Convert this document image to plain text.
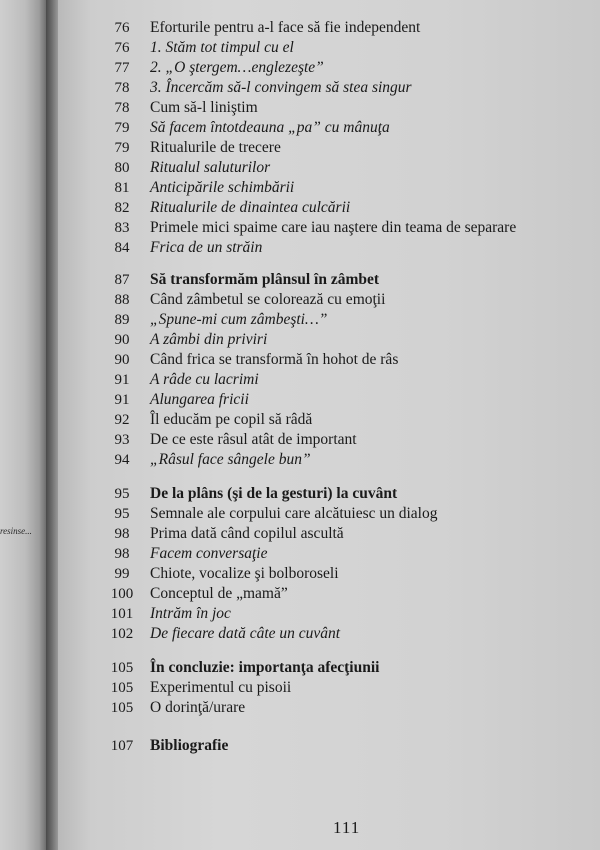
resinse...
76	Eforturile pentru a-l face să fie independent
76	1. Stăm tot timpul cu el
77	2. „O ştergem…englezeşte”
78	3. Încercăm să-l convingem să stea singur
78	Cum să-l liniştim
79	Să facem întotdeauna „pa” cu mânuţa
79	Ritualurile de trecere
80	Ritualul saluturilor
81	Anticipările schimbării
82	Ritualurile de dinaintea culcării
83	Primele mici spaime care iau naştere din teama de separare
84	Frica de un străin
87	Să transformăm plânsul în zâmbet
88	Când zâmbetul se colorează cu emoţii
89	„Spune-mi cum zâmbeşti…”
90	A zâmbi din priviri
90	Când frica se transformă în hohot de râs
91	A râde cu lacrimi
91	Alungarea fricii
92	Îl educăm pe copil să râdă
93	De ce este râsul atât de important
94	„Râsul face sângele bun”
95	De la plâns (şi de la gesturi) la cuvânt
95	Semnale ale corpului care alcătuiesc un dialog
98	Prima dată când copilul ascultă
98	Facem conversaţie
99	Chiote, vocalize şi bolboroseli
100	Conceptul de „mamă”
101	Intrăm în joc
102	De fiecare dată câte un cuvânt
105	În concluzie: importanţa afecţiunii
105	Experimentul cu pisoii
105	O dorinţă/urare
107	Bibliografie
111
